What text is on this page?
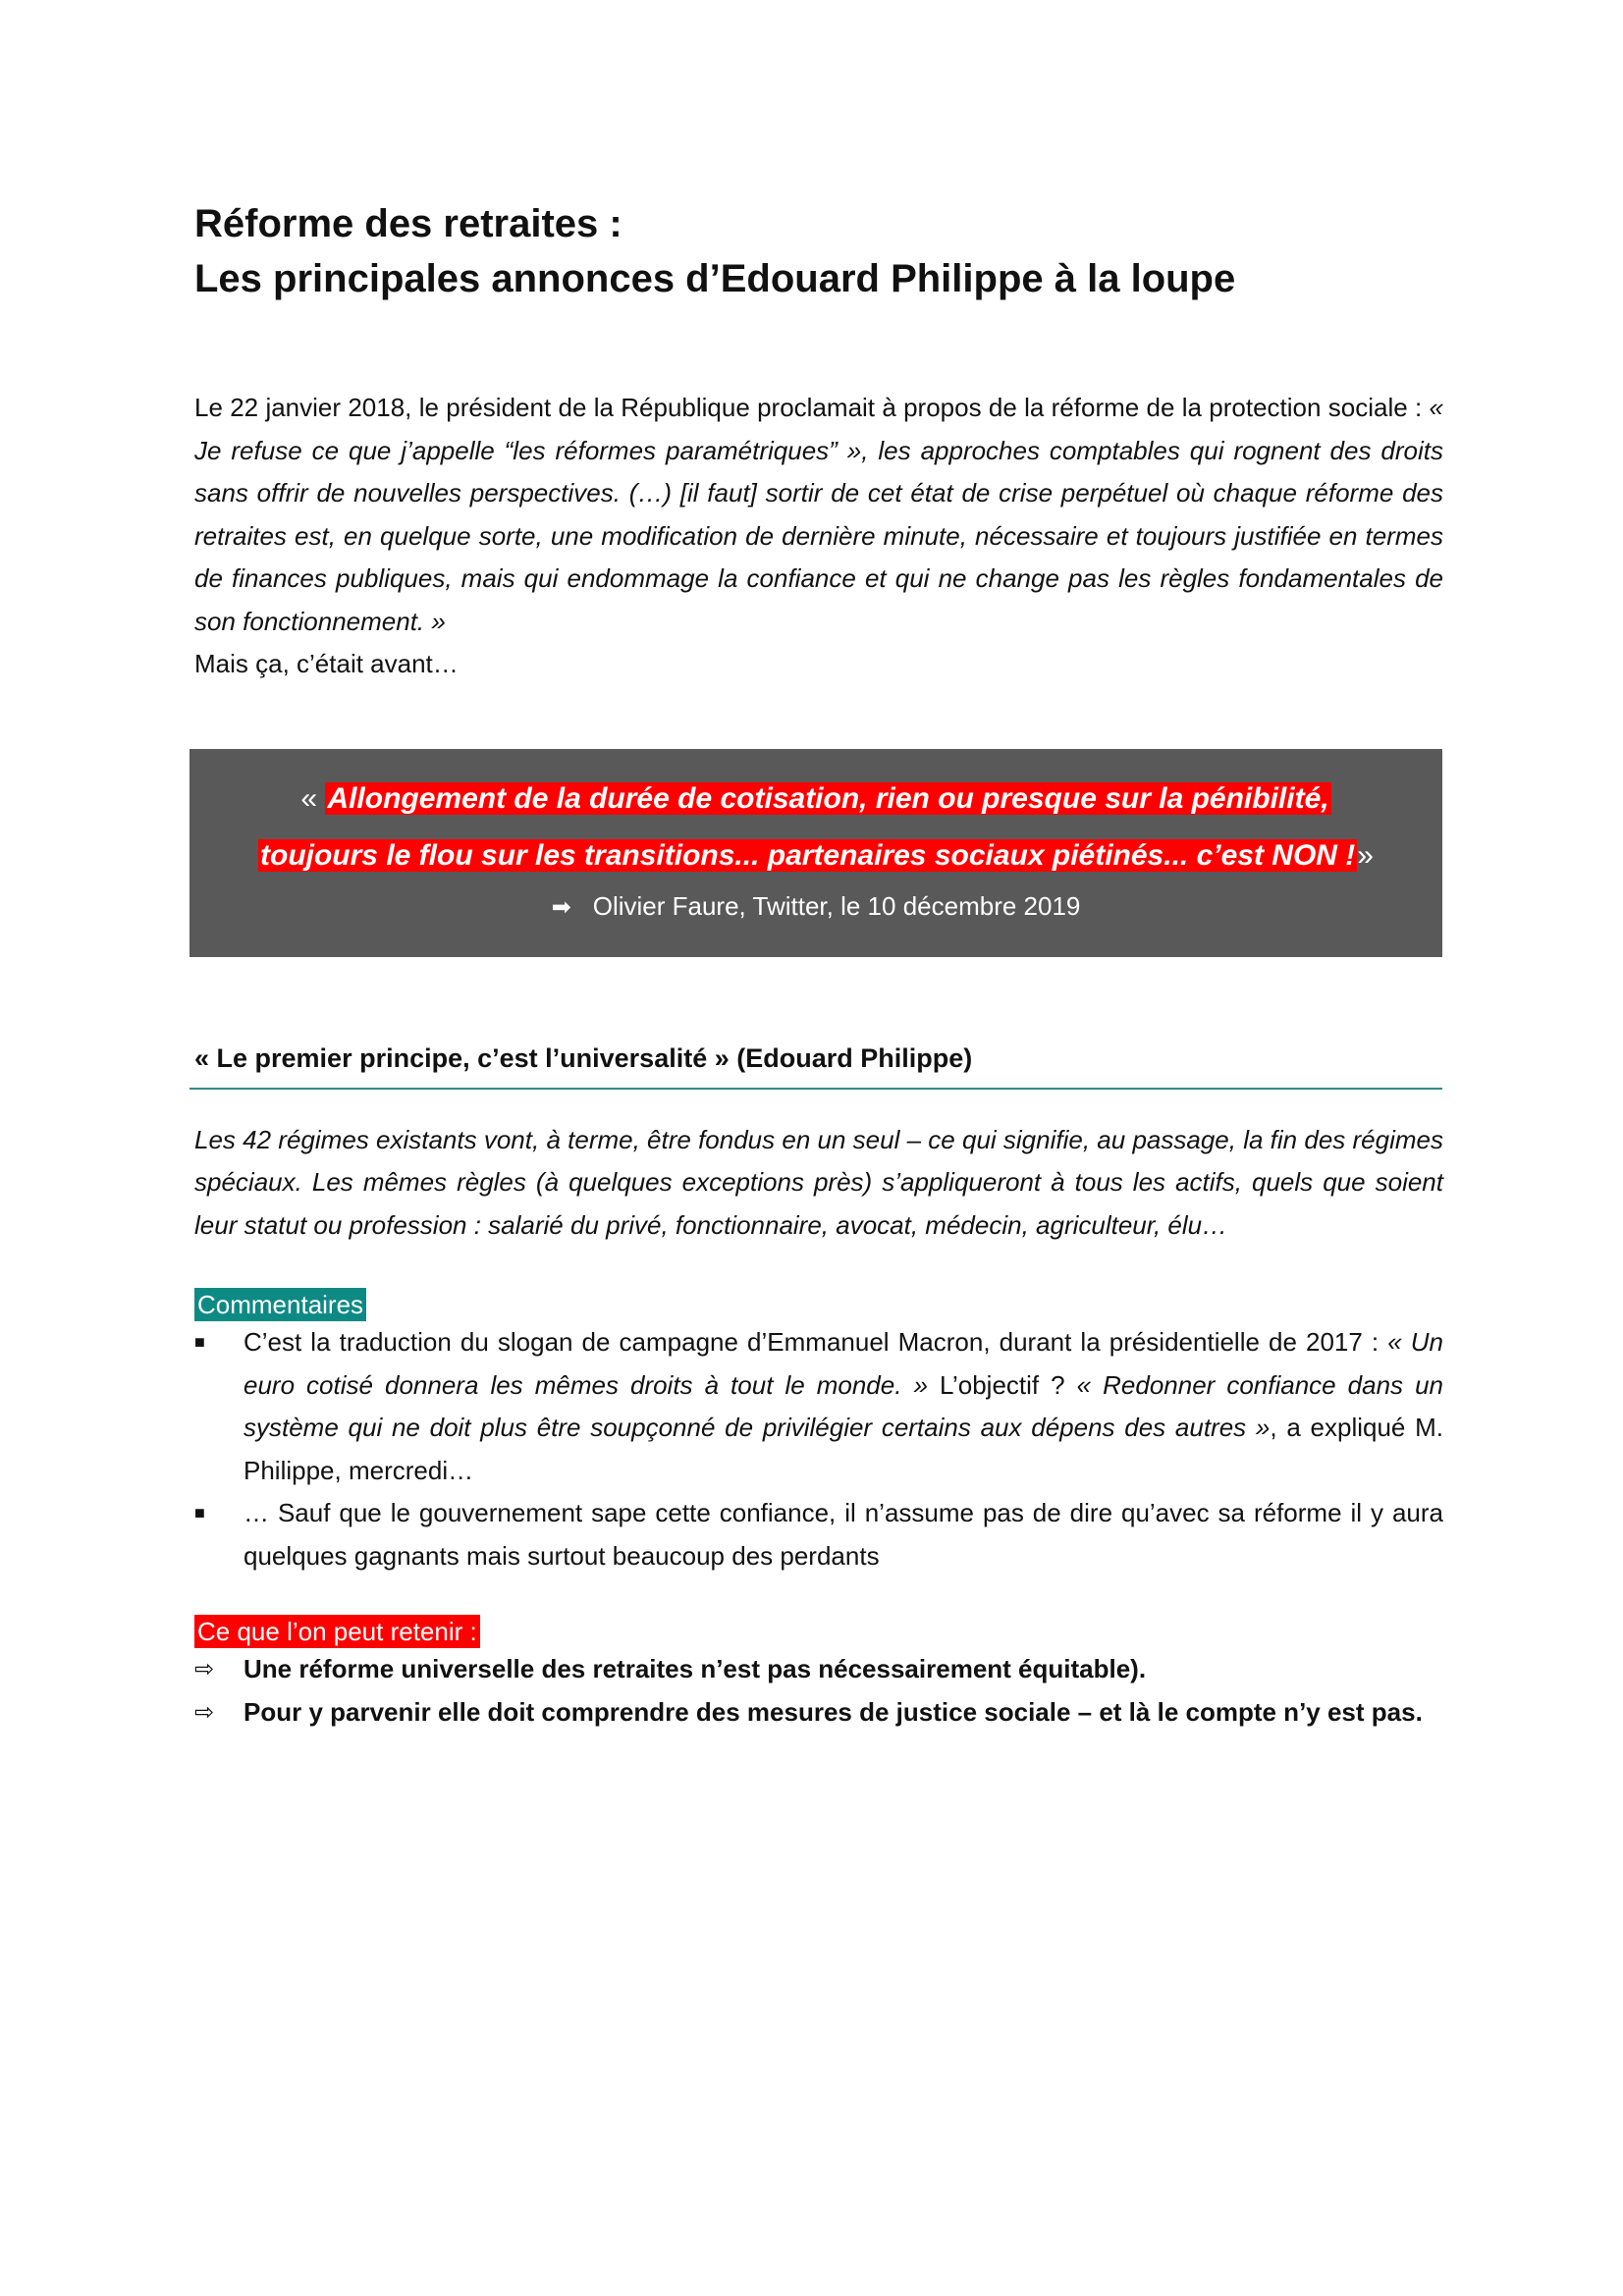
Réforme des retraites :
Les principales annonces d’Edouard Philippe à la loupe

Le 22 janvier 2018, le président de la République proclamait à propos de la réforme de la protection sociale : « Je refuse ce que j’appelle “les réformes paramétriques” », les approches comptables qui rognent des droits sans offrir de nouvelles perspectives. (…) [il faut] sortir de cet état de crise perpétuel où chaque réforme des retraites est, en quelque sorte, une modification de dernière minute, nécessaire et toujours justifiée en termes de finances publiques, mais qui endommage la confiance et qui ne change pas les règles fondamentales de son fonctionnement. »

Mais ça, c’était avant…

« Allongement de la durée de cotisation, rien ou presque sur la pénibilité,
toujours le flou sur les transitions... partenaires sociaux piétinés... c’est NON !»
➡ Olivier Faure, Twitter, le 10 décembre 2019
« Le premier principe, c’est l’universalité » (Edouard Philippe)
Les 42 régimes existants vont, à terme, être fondus en un seul – ce qui signifie, au passage, la fin des régimes spéciaux. Les mêmes règles (à quelques exceptions près) s’appliqueront à tous les actifs, quels que soient leur statut ou profession : salarié du privé, fonctionnaire, avocat, médecin, agriculteur, élu…
Commentaires
■	C’est la traduction du slogan de campagne d’Emmanuel Macron, durant la présidentielle de 2017 : « Un euro cotisé donnera les mêmes droits à tout le monde. » L’objectif ? « Redonner confiance dans un système qui ne doit plus être soupçonné de privilégier certains aux dépens des autres », a expliqué M. Philippe, mercredi…
■	… Sauf que le gouvernement sape cette confiance, il n’assume pas de dire qu’avec sa réforme il y aura quelques gagnants mais surtout beaucoup des perdants
Ce que l’on peut retenir :
⇨ Une réforme universelle des retraites n’est pas nécessairement équitable).
⇨ Pour y parvenir elle doit comprendre des mesures de justice sociale – et là le compte n’y est pas.
